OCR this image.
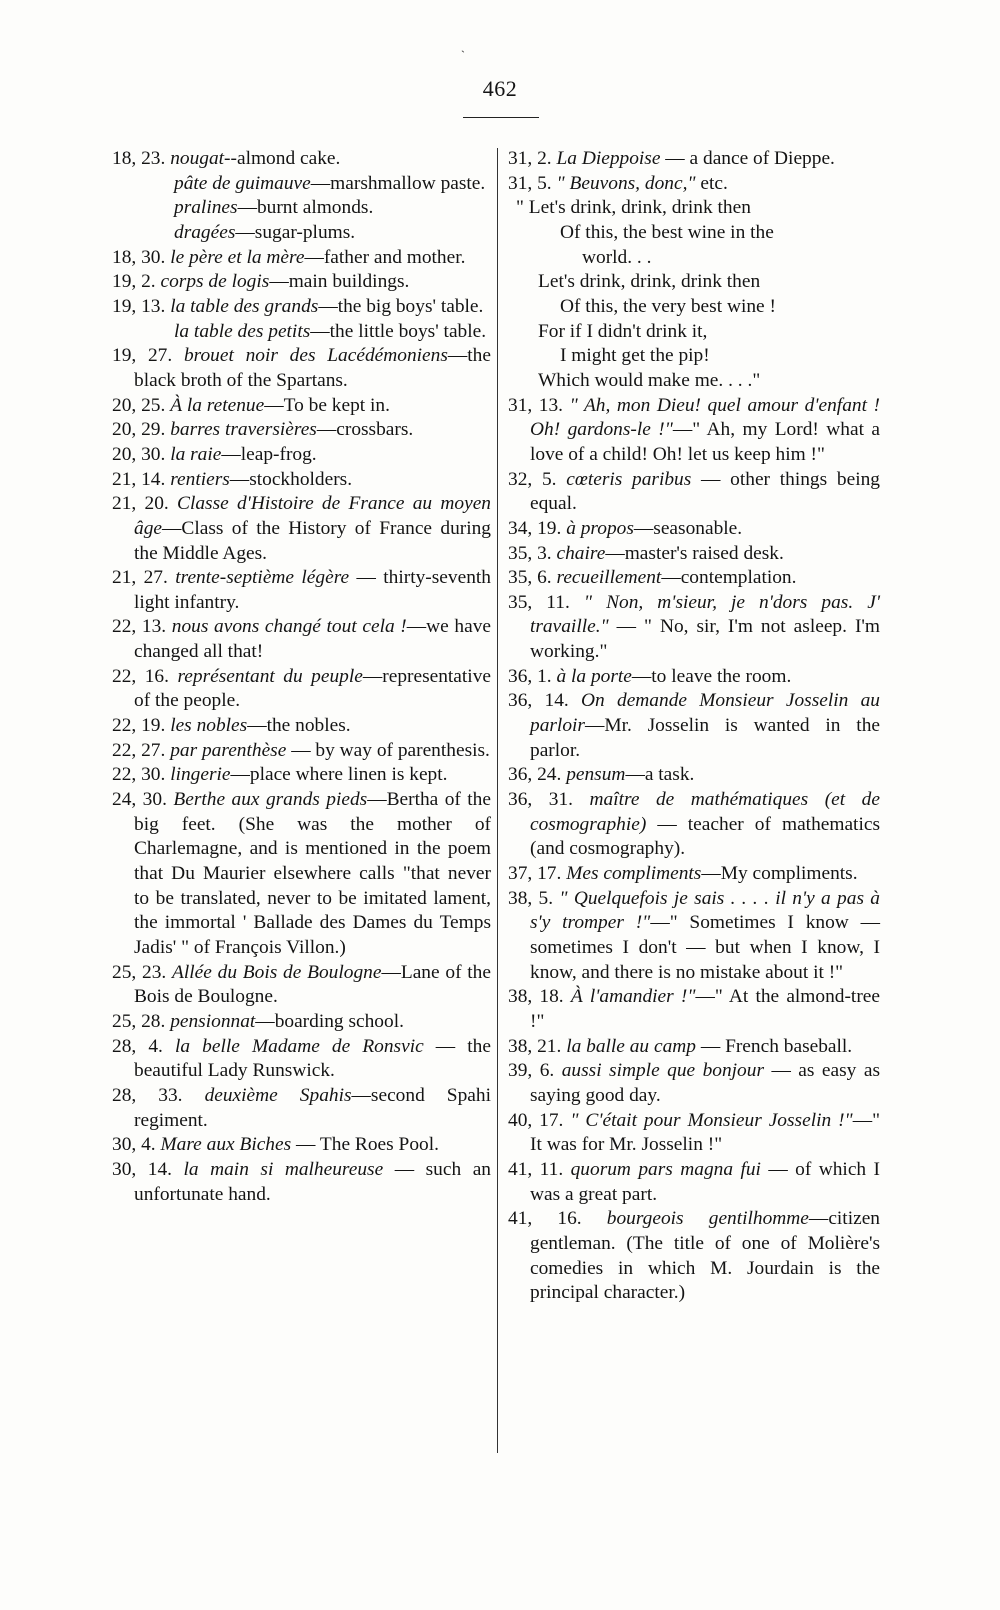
`
462
18, 23. nougat--almond cake.
pâte de guimauve—marshmallow paste.
pralines—burnt almonds.
dragées—sugar-plums.
18, 30. le père et la mère—father and mother.
19, 2. corps de logis—main buildings.
19, 13. la table des grands—the big boys' table.
la table des petits—the little boys' table.
19, 27. brouet noir des Lacédémoniens—the black broth of the Spartans.
20, 25. À la retenue—To be kept in.
20, 29. barres traversières—crossbars.
20, 30. la raie—leap-frog.
21, 14. rentiers—stockholders.
21, 20. Classe d'Histoire de France au moyen âge—Class of the History of France during the Middle Ages.
21, 27. trente-septième légère — thirty-seventh light infantry.
22, 13. nous avons changé tout cela !—we have changed all that!
22, 16. représentant du peuple—representative of the people.
22, 19. les nobles—the nobles.
22, 27. par parenthèse — by way of parenthesis.
22, 30. lingerie—place where linen is kept.
24, 30. Berthe aux grands pieds—Bertha of the big feet. (She was the mother of Charlemagne, and is mentioned in the poem that Du Maurier elsewhere calls "that never to be translated, never to be imitated lament, the immortal ' Ballade des Dames du Temps Jadis' " of François Villon.)
25, 23. Allée du Bois de Boulogne—Lane of the Bois de Boulogne.
25, 28. pensionnat—boarding school.
28, 4. la belle Madame de Ronsvic — the beautiful Lady Runswick.
28, 33. deuxième Spahis—second Spahi regiment.
30, 4. Mare aux Biches — The Roes Pool.
30, 14. la main si malheureuse — such an unfortunate hand.
31, 2. La Dieppoise — a dance of Dieppe.
31, 5. " Beuvons, donc," etc.
" Let's drink, drink, drink then
Of this, the best wine in the
world. . .
Let's drink, drink, drink then
Of this, the very best wine !
For if I didn't drink it,
I might get the pip!
Which would make me. . . ."
31, 13. " Ah, mon Dieu! quel amour d'enfant ! Oh! gardons-le !"—" Ah, my Lord! what a love of a child! Oh! let us keep him !"
32, 5. cœteris paribus — other things being equal.
34, 19. à propos—seasonable.
35, 3. chaire—master's raised desk.
35, 6. recueillement—contemplation.
35, 11. " Non, m'sieur, je n'dors pas. J' travaille." — " No, sir, I'm not asleep. I'm working."
36, 1. à la porte—to leave the room.
36, 14. On demande Monsieur Josselin au parloir—Mr. Josselin is wanted in the parlor.
36, 24. pensum—a task.
36, 31. maître de mathématiques (et de cosmographie) — teacher of mathematics (and cosmography).
37, 17. Mes compliments—My compliments.
38, 5. " Quelquefois je sais . . . . il n'y a pas à s'y tromper !"—" Sometimes I know — sometimes I don't — but when I know, I know, and there is no mistake about it !"
38, 18. À l'amandier !"—" At the almond-tree !"
38, 21. la balle au camp — French baseball.
39, 6. aussi simple que bonjour — as easy as saying good day.
40, 17. " C'était pour Monsieur Josselin !"—" It was for Mr. Josselin !"
41, 11. quorum pars magna fui — of which I was a great part.
41, 16. bourgeois gentilhomme—citizen gentleman. (The title of one of Molière's comedies in which M. Jourdain is the principal character.)
